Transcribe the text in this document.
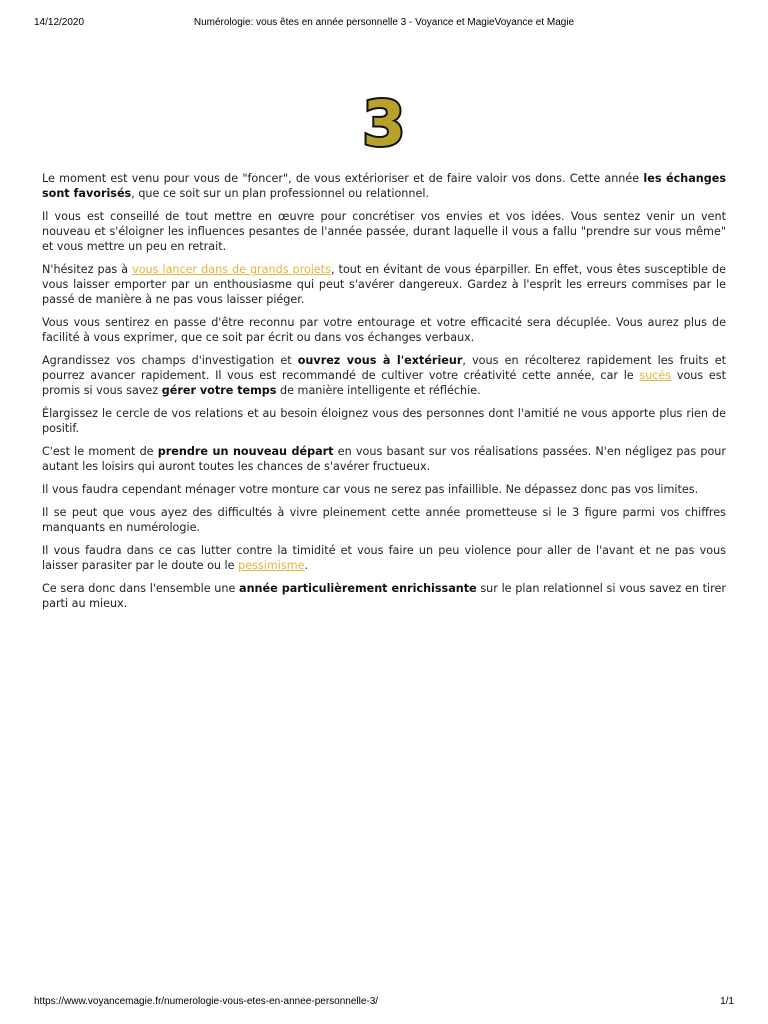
14/12/2020	Numérologie: vous êtes en année personnelle 3 - Voyance et MagieVoyance et Magie
3

Le moment est venu pour vous de "foncer", de vous extérioriser et de faire valoir vos dons. Cette année les échanges sont favorisés, que ce soit sur un plan professionnel ou relationnel.

Il vous est conseillé de tout mettre en œuvre pour concrétiser vos envies et vos idées. Vous sentez venir un vent nouveau et s'éloigner les influences pesantes de l'année passée, durant laquelle il vous a fallu "prendre sur vous même" et vous mettre un peu en retrait.

N'hésitez pas à vous lancer dans de grands projets, tout en évitant de vous éparpiller. En effet, vous êtes susceptible de vous laisser emporter par un enthousiasme qui peut s'avérer dangereux. Gardez à l'esprit les erreurs commises par le passé de manière à ne pas vous laisser piéger.

Vous vous sentirez en passe d'être reconnu par votre entourage et votre efficacité sera décuplée. Vous aurez plus de facilité à vous exprimer, que ce soit par écrit ou dans vos échanges verbaux.

Agrandissez vos champs d'investigation et ouvrez vous à l'extérieur, vous en récolterez rapidement les fruits et pourrez avancer rapidement. Il vous est recommandé de cultiver votre créativité cette année, car le sucés vous est promis si vous savez gérer votre temps de manière intelligente et réfléchie.

Élargissez le cercle de vos relations et au besoin éloignez vous des personnes dont l'amitié ne vous apporte plus rien de positif.

C'est le moment de prendre un nouveau départ en vous basant sur vos réalisations passées. N'en négligez pas pour autant les loisirs qui auront toutes les chances de s'avérer fructueux.

Il vous faudra cependant ménager votre monture car vous ne serez pas infaillible. Ne dépassez donc pas vos limites.

Il se peut que vous ayez des difficultés à vivre pleinement cette année prometteuse si le 3 figure parmi vos chiffres manquants en numérologie.

Il vous faudra dans ce cas lutter contre la timidité et vous faire un peu violence pour aller de l'avant et ne pas vous laisser parasiter par le doute ou le pessimisme.

Ce sera donc dans l'ensemble une année particulièrement enrichissante sur le plan relationnel si vous savez en tirer parti au mieux.

https://www.voyancemagie.fr/numerologie-vous-etes-en-annee-personnelle-3/	1/1
